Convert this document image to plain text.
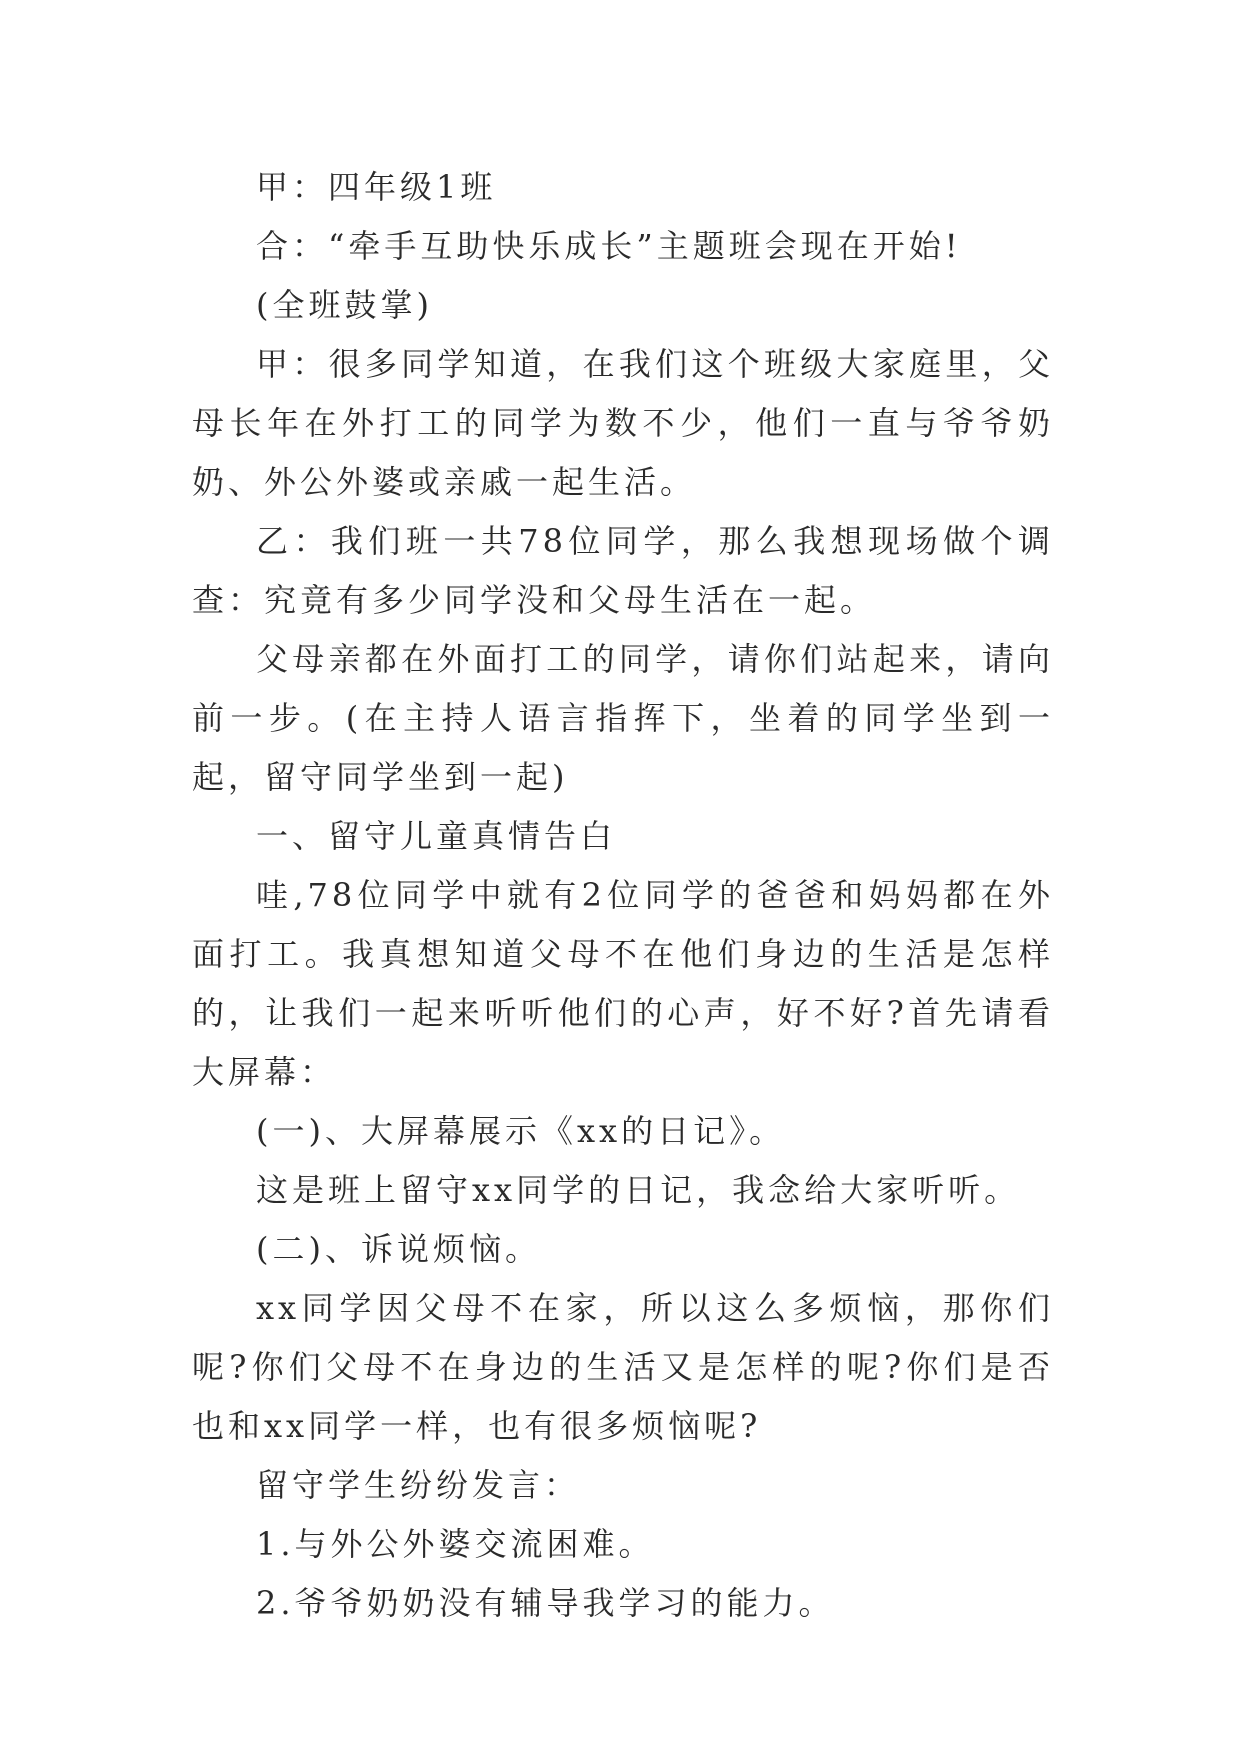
甲：四年级1班

合：“牵手互助快乐成长”主题班会现在开始!

(全班鼓掌)

甲：很多同学知道，在我们这个班级大家庭里，父母长年在外打工的同学为数不少，他们一直与爷爷奶奶、外公外婆或亲戚一起生活。

乙：我们班一共78位同学，那么我想现场做个调查：究竟有多少同学没和父母生活在一起。

父母亲都在外面打工的同学，请你们站起来，请向前一步。(在主持人语言指挥下，坐着的同学坐到一起，留守同学坐到一起)

一、留守儿童真情告白

哇,78位同学中就有2位同学的爸爸和妈妈都在外面打工。我真想知道父母不在他们身边的生活是怎样的，让我们一起来听听他们的心声，好不好?首先请看大屏幕：

(一)、大屏幕展示《xx的日记》。

这是班上留守xx同学的日记，我念给大家听听。

(二)、诉说烦恼。

xx同学因父母不在家，所以这么多烦恼，那你们呢?你们父母不在身边的生活又是怎样的呢?你们是否也和xx同学一样，也有很多烦恼呢?

留守学生纷纷发言：

1.与外公外婆交流困难。

2.爷爷奶奶没有辅导我学习的能力。
